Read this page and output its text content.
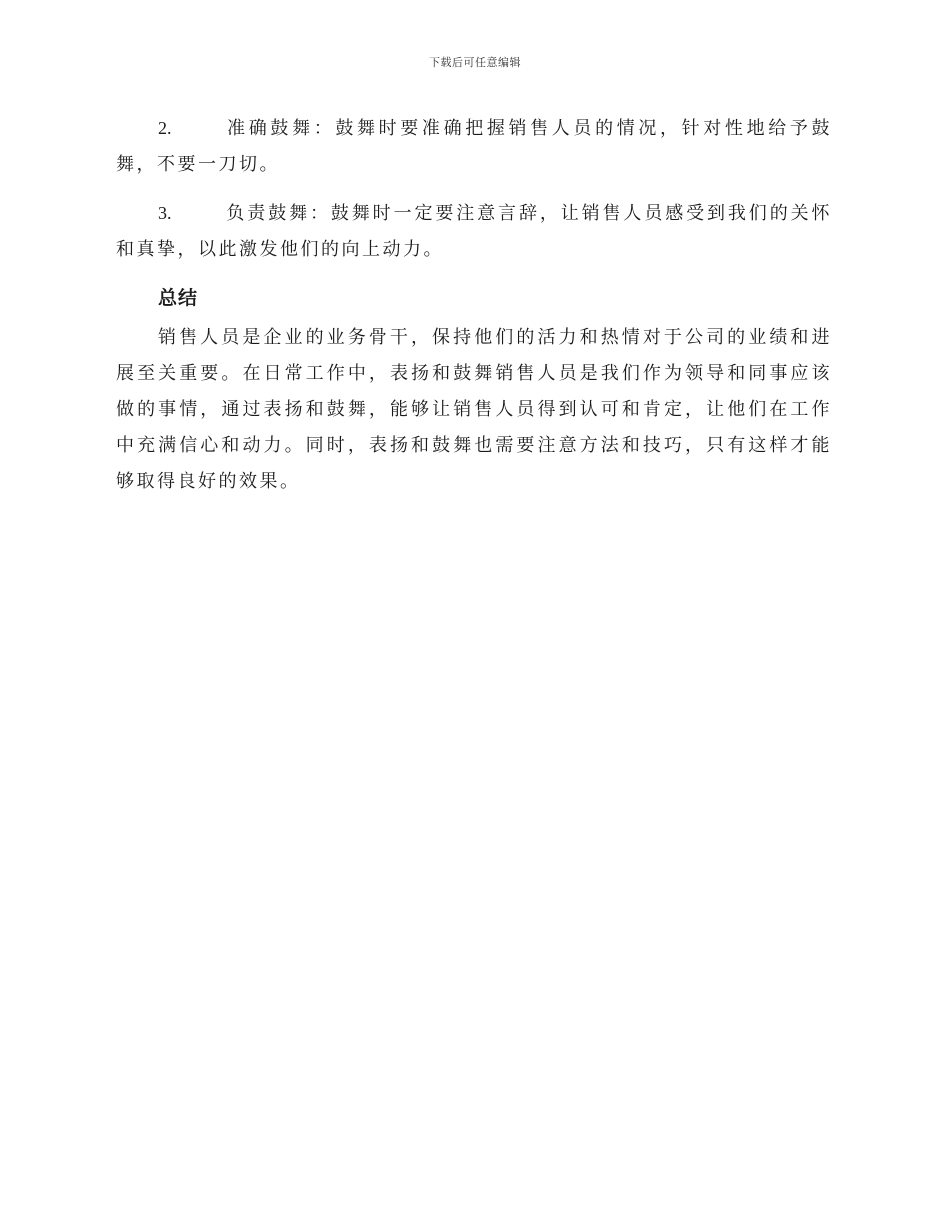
下载后可任意编辑

2.	准确鼓舞：鼓舞时要准确把握销售人员的情况，针对性地给予鼓舞，不要一刀切。

3.	负责鼓舞：鼓舞时一定要注意言辞，让销售人员感受到我们的关怀和真挚，以此激发他们的向上动力。

总结

销售人员是企业的业务骨干，保持他们的活力和热情对于公司的业绩和进展至关重要。在日常工作中，表扬和鼓舞销售人员是我们作为领导和同事应该做的事情，通过表扬和鼓舞，能够让销售人员得到认可和肯定，让他们在工作中充满信心和动力。同时，表扬和鼓舞也需要注意方法和技巧，只有这样才能够取得良好的效果。
